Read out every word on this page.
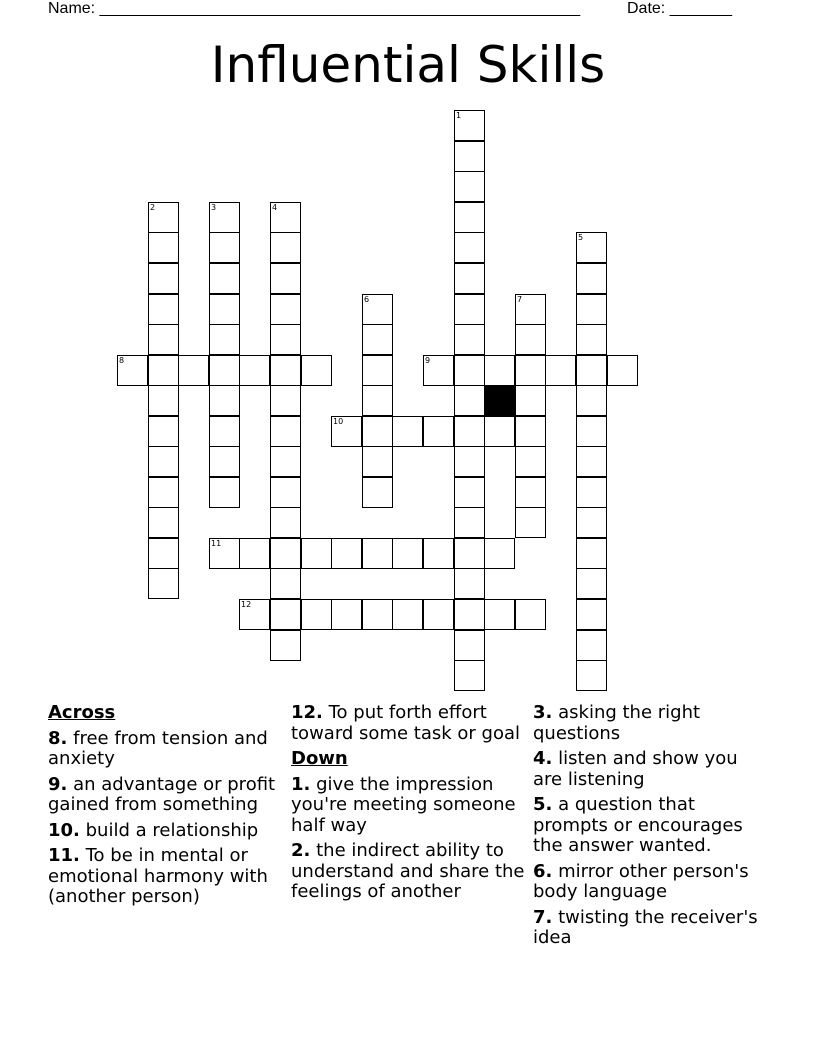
Name: ______________________________________________________	Date: _______
Influential Skills
1
2	3	4
5
6	7
8	9
10
11
12
Across
8. free from tension and anxiety
9. an advantage or profit gained from something
10. build a relationship
11. To be in mental or emotional harmony with (another person)
12. To put forth effort toward some task or goal
Down
1. give the impression you're meeting someone half way
2. the indirect ability to understand and share the feelings of another
3. asking the right questions
4. listen and show you are listening
5. a question that prompts or encourages the answer wanted.
6. mirror other person's body language
7. twisting the receiver's idea
